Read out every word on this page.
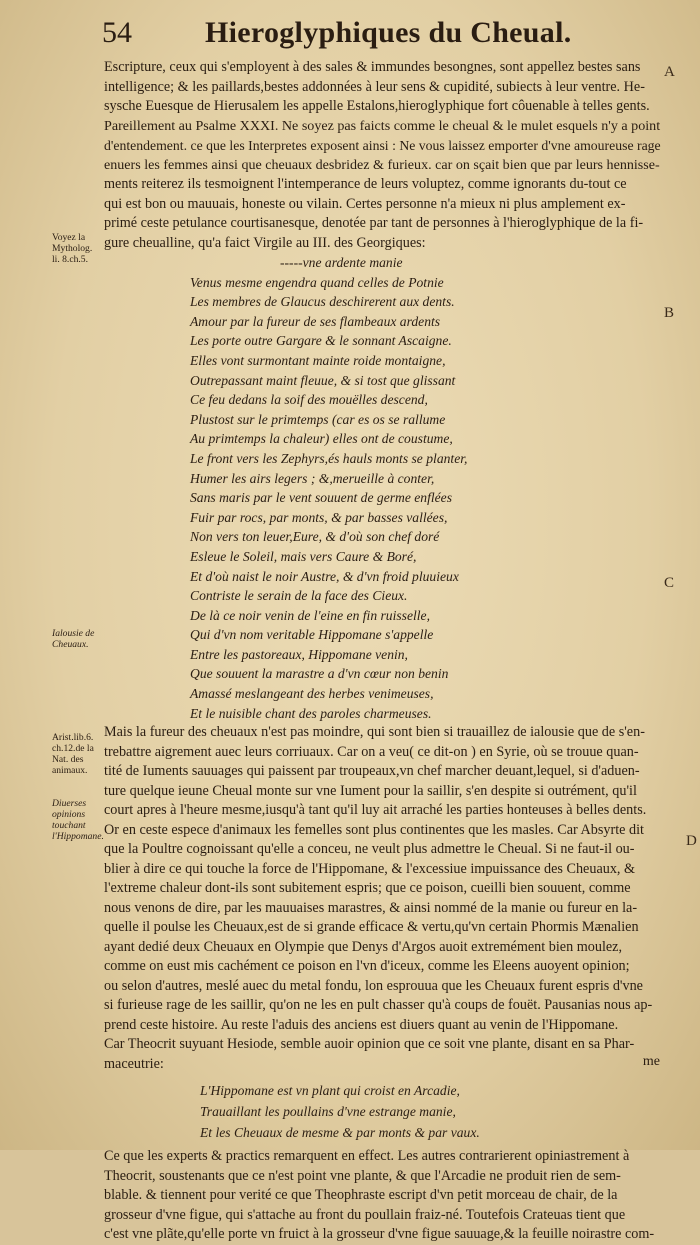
54 Hieroglyphiques du Cheual.
A
B
C
D
Voyez la Mytholog. li. 8.ch.5.
Ialousie de Cheuaux.
Arist.lib.6. ch.12.de la Nat. des animaux.
Diuerses opinions touchant l'Hippomane.
Escripture, ceux qui s'employent à des sales & immundes besongnes, sont appellez bestes sans
intelligence; & les paillards,bestes addonnées à leur sens & cupidité, subiects à leur ventre. He-
sysche Euesque de Hierusalem les appelle Estalons,hieroglyphique fort côuenable à telles gents.
Pareillement au Psalme XXXI. Ne soyez pas faicts comme le cheual & le mulet esquels n'y a point
d'entendement. ce que les Interpretes exposent ainsi : Ne vous laissez emporter d'vne amoureuse rage
enuers les femmes ainsi que cheuaux desbridez & furieux. car on sçait bien que par leurs hennisse-
ments reiterez ils tesmoignent l'intemperance de leurs voluptez, comme ignorants du-tout ce
qui est bon ou mauuais, honeste ou vilain. Certes personne n'a mieux ni plus amplement ex-
primé ceste petulance courtisanesque, denotée par tant de personnes à l'hieroglyphique de la fi-
gure cheualline, qu'a faict Virgile au III. des Georgiques:
-----vne ardente manie
Venus mesme engendra quand celles de Potnie
Les membres de Glaucus deschirerent aux dents.
Amour par la fureur de ses flambeaux ardents
Les porte outre Gargare & le sonnant Ascaigne.
Elles vont surmontant mainte roide montaigne,
Outrepassant maint fleuue, & si tost que glissant
Ce feu dedans la soif des mouëlles descend,
Plustost sur le primtemps (car es os se rallume
Au primtemps la chaleur) elles ont de coustume,
Le front vers les Zephyrs,és hauls monts se planter,
Humer les airs legers ; &,merueille à conter,
Sans maris par le vent souuent de germe enflées
Fuir par rocs, par monts, & par basses vallées,
Non vers ton leuer,Eure, & d'où son chef doré
Esleue le Soleil, mais vers Caure & Boré,
Et d'où naist le noir Austre, & d'vn froid pluuieux
Contriste le serain de la face des Cieux.
De là ce noir venin de l'eine en fin ruisselle,
Qui d'vn nom veritable Hippomane s'appelle
Entre les pastoreaux, Hippomane venin,
Que souuent la marastre a d'vn cœur non benin
Amassé meslangeant des herbes venimeuses,
Et le nuisible chant des paroles charmeuses.
Mais la fureur des cheuaux n'est pas moindre, qui sont bien si trauaillez de ialousie que de s'en-
trebattre aigrement auec leurs corriuaux. Car on a veu( ce dit-on ) en Syrie, où se trouue quan-
tité de Iuments sauuages qui paissent par troupeaux,vn chef marcher deuant,lequel, si d'aduen-
ture quelque ieune Cheual monte sur vne Iument pour la saillir, s'en despite si outrément, qu'il
court apres à l'heure mesme,iusqu'à tant qu'il luy ait arraché les parties honteuses à belles dents.
Or en ceste espece d'animaux les femelles sont plus continentes que les masles. Car Absyrte dit
que la Poultre cognoissant qu'elle a conceu, ne veult plus admettre le Cheual. Si ne faut-il ou-
blier à dire ce qui touche la force de l'Hippomane, & l'excessiue impuissance des Cheuaux, &
l'extreme chaleur dont-ils sont subitement espris; que ce poison, cueilli bien souuent, comme
nous venons de dire, par les mauuaises marastres, & ainsi nommé de la manie ou fureur en la-
quelle il poulse les Cheuaux,est de si grande efficace & vertu,qu'vn certain Phormis Mænalien
ayant dedié deux Cheuaux en Olympie que Denys d'Argos auoit extremément bien moulez,
comme on eust mis cachément ce poison en l'vn d'iceux, comme les Eleens auoyent opinion;
ou selon d'autres, meslé auec du metal fondu, lon esprouua que les Cheuaux furent espris d'vne
si furieuse rage de les saillir, qu'on ne les en pult chasser qu'à coups de fouët. Pausanias nous ap-
prend ceste histoire. Au reste l'aduis des anciens est diuers quant au venin de l'Hippomane.
Car Theocrit suyuant Hesiode, semble auoir opinion que ce soit vne plante, disant en sa Phar-
maceutrie:
L'Hippomane est vn plant qui croist en Arcadie,
Trauaillant les poullains d'vne estrange manie,
Et les Cheuaux de mesme & par monts & par vaux.
Ce que les experts & practics remarquent en effect. Les autres contrarierent opiniastrement à
Theocrit, soustenants que ce n'est point vne plante, & que l'Arcadie ne produit rien de sem-
blable. & tiennent pour verité ce que Theophraste escript d'vn petit morceau de chair, de la
grosseur d'vne figue, qui s'attache au front du poullain fraiz-né. Toutefois Crateuas tient que
c'est vne plãte,qu'elle porte vn fruict à la grosseur d'vne figue sauuage,& la feuille noirastre com-
me
